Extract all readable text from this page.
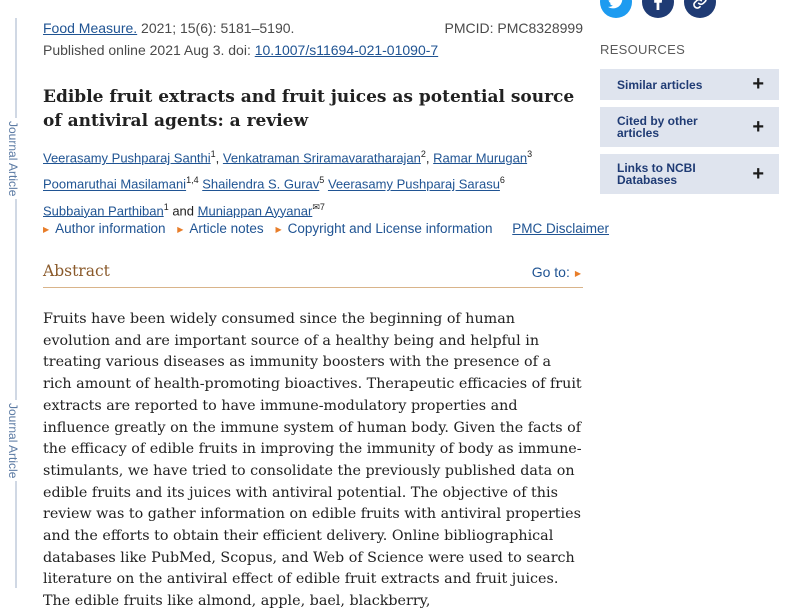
Journal Article
Journal Article
Food Measure. 2021; 15(6): 5181–5190.	PMCID: PMC8328999
Published online 2021 Aug 3. doi: 10.1007/s11694-021-01090-7
Edible fruit extracts and fruit juices as potential source of antiviral agents: a review
Veerasamy Pushparaj Santhi$^1$, Venkatraman Sriramavaratharajan$^2$, Ramar Murugan$^3$
Poomaruthai Masilamani$^{1,4}$ Shailendra S. Gurav$^5$ Veerasamy Pushparaj Sarasu$^6$
Subbaiyan Parthiban$^1$ and Muniappan Ayyanar$^{✉7}$
▶ Author information ▶ Article notes ▶ Copyright and License information PMC Disclaimer
Abstract	Go to: ▶

Fruits have been widely consumed since the beginning of human evolution and are important source of a healthy being and helpful in treating various diseases as immunity boosters with the presence of a rich amount of health-promoting bioactives. Therapeutic efficacies of fruit extracts are reported to have immune-modulatory properties and influence greatly on the immune system of human body. Given the facts of the efficacy of edible fruits in improving the immunity of body as immune-stimulants, we have tried to consolidate the previously published data on edible fruits and its juices with antiviral potential. The objective of this review was to gather information on edible fruits with antiviral properties and the efforts to obtain their efficient delivery. Online bibliographical databases like PubMed, Scopus, and Web of Science were used to search literature on the antiviral effect of edible fruit extracts and fruit juices. The edible fruits like almond, apple, bael, blackberry,

RESOURCES
Similar articles	+
Cited by other articles	+
Links to NCBI Databases	+
